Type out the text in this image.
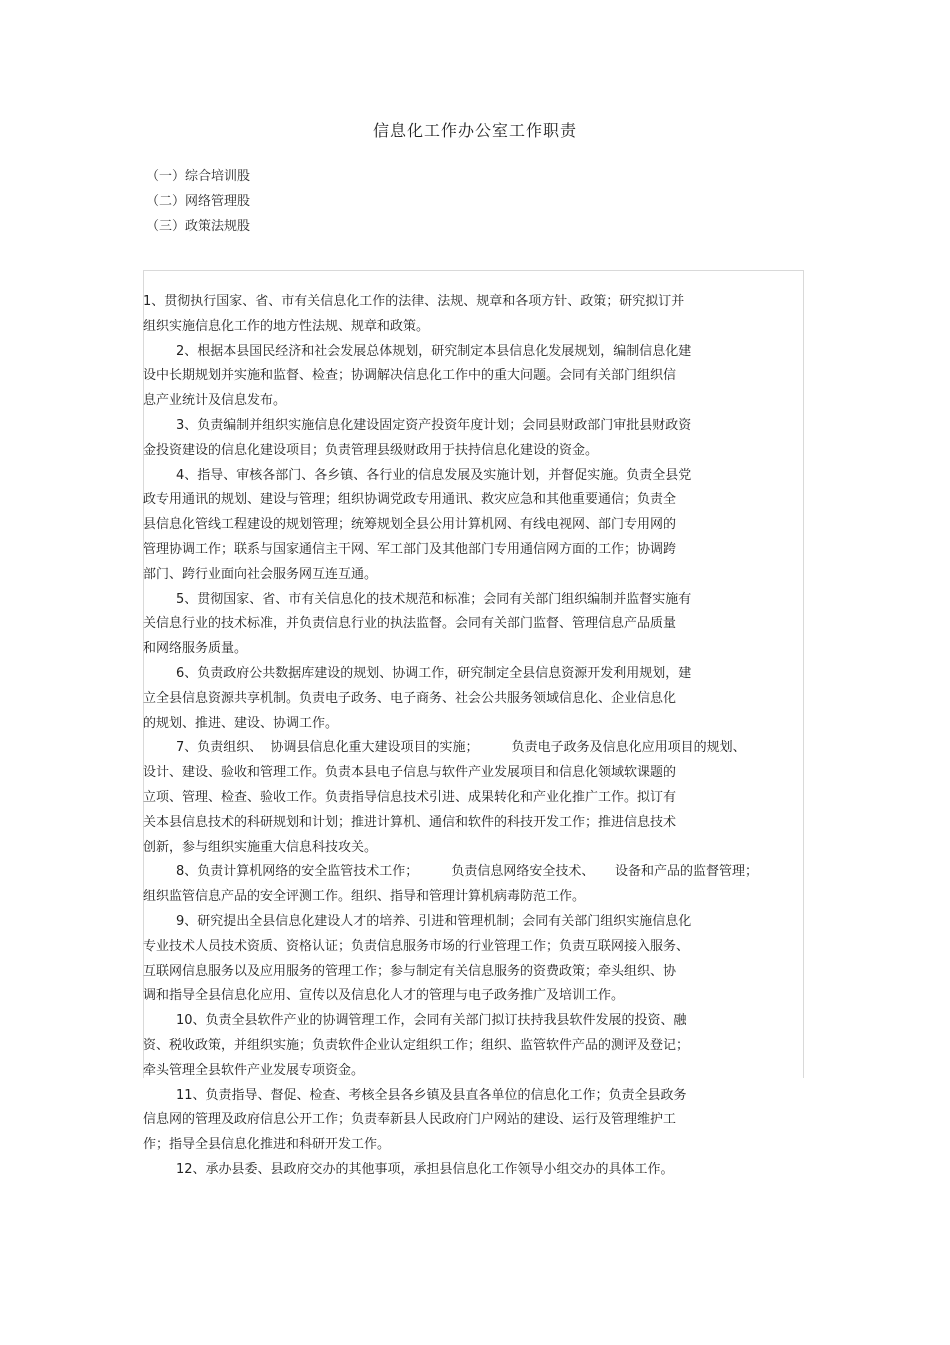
信息化工作办公室工作职责
（一）综合培训股
（二）网络管理股
（三）政策法规股
1、贯彻执行国家、省、市有关信息化工作的法律、法规、规章和各项方针、政策；研究拟订并
组织实施信息化工作的地方性法规、规章和政策。
2、根据本县国民经济和社会发展总体规划，研究制定本县信息化发展规划，编制信息化建
设中长期规划并实施和监督、检查；协调解决信息化工作中的重大问题。会同有关部门组织信
息产业统计及信息发布。
3、负责编制并组织实施信息化建设固定资产投资年度计划；会同县财政部门审批县财政资
金投资建设的信息化建设项目；负责管理县级财政用于扶持信息化建设的资金。
4、指导、审核各部门、各乡镇、各行业的信息发展及实施计划，并督促实施。负责全县党
政专用通讯的规划、建设与管理；组织协调党政专用通讯、救灾应急和其他重要通信；负责全
县信息化管线工程建设的规划管理；统筹规划全县公用计算机网、有线电视网、部门专用网的
管理协调工作；联系与国家通信主干网、军工部门及其他部门专用通信网方面的工作；协调跨
部门、跨行业面向社会服务网互连互通。
5、贯彻国家、省、市有关信息化的技术规范和标准；会同有关部门组织编制并监督实施有
关信息行业的技术标准，并负责信息行业的执法监督。会同有关部门监督、管理信息产品质量
和网络服务质量。
6、负责政府公共数据库建设的规划、协调工作，研究制定全县信息资源开发利用规划，建
立全县信息资源共享机制。负责电子政务、电子商务、社会公共服务领域信息化、企业信息化
的规划、推进、建设、协调工作。
7、负责组织、  协调县信息化重大建设项目的实施；        负责电子政务及信息化应用项目的规划、
设计、建设、验收和管理工作。负责本县电子信息与软件产业发展项目和信息化领域软课题的
立项、管理、检查、验收工作。负责指导信息技术引进、成果转化和产业化推广工作。拟订有
关本县信息技术的科研规划和计划；推进计算机、通信和软件的科技开发工作；推进信息技术
创新，参与组织实施重大信息科技攻关。
8、负责计算机网络的安全监管技术工作；        负责信息网络安全技术、     设备和产品的监督管理；
组织监管信息产品的安全评测工作。组织、指导和管理计算机病毒防范工作。
9、研究提出全县信息化建设人才的培养、引进和管理机制；会同有关部门组织实施信息化
专业技术人员技术资质、资格认证；负责信息服务市场的行业管理工作；负责互联网接入服务、
互联网信息服务以及应用服务的管理工作；参与制定有关信息服务的资费政策；牵头组织、协
调和指导全县信息化应用、宣传以及信息化人才的管理与电子政务推广及培训工作。
10、负责全县软件产业的协调管理工作，会同有关部门拟订扶持我县软件发展的投资、融
资、税收政策，并组织实施；负责软件企业认定组织工作；组织、监管软件产品的测评及登记；
牵头管理全县软件产业发展专项资金。
11、负责指导、督促、检查、考核全县各乡镇及县直各单位的信息化工作；负责全县政务
信息网的管理及政府信息公开工作；负责奉新县人民政府门户网站的建设、运行及管理维护工
作；指导全县信息化推进和科研开发工作。
12、承办县委、县政府交办的其他事项，承担县信息化工作领导小组交办的具体工作。
